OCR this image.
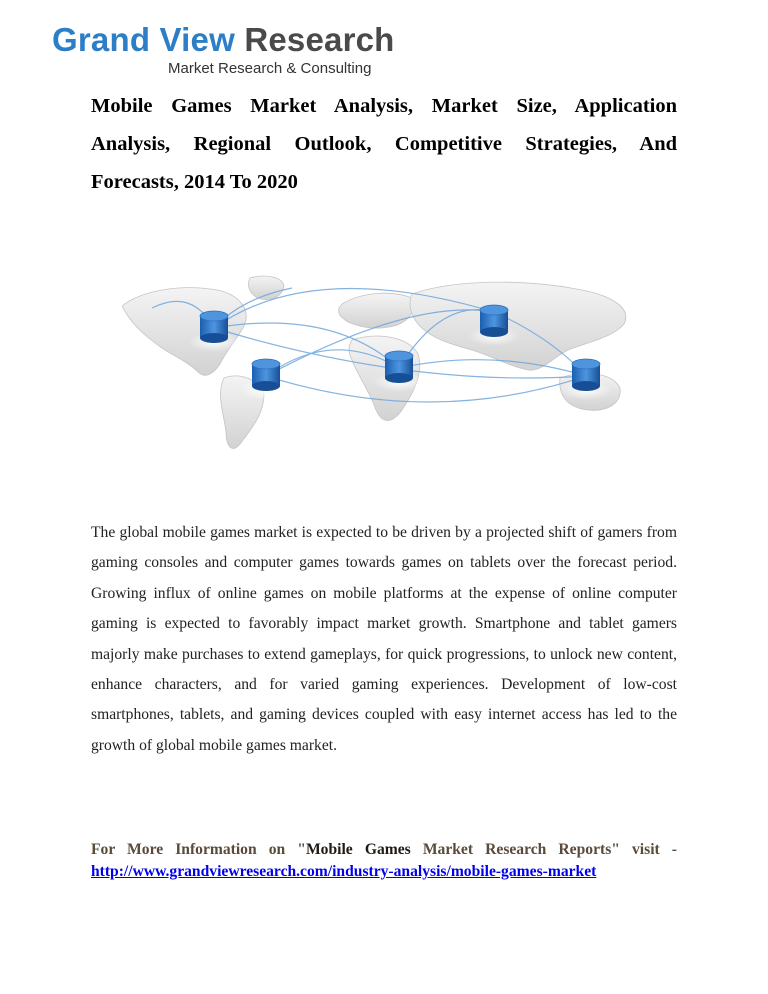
Grand View Research
Market Research & Consulting
Mobile Games Market Analysis, Market Size, Application Analysis, Regional Outlook, Competitive Strategies, And Forecasts, 2014 To 2020

The global mobile games market is expected to be driven by a projected shift of gamers from gaming consoles and computer games towards games on tablets over the forecast period. Growing influx of online games on mobile platforms at the expense of online computer gaming is expected to favorably impact market growth. Smartphone and tablet gamers majorly make purchases to extend gameplays, for quick progressions, to unlock new content, enhance characters, and for varied gaming experiences. Development of low-cost smartphones, tablets, and gaming devices coupled with easy internet access has led to the growth of global mobile games market.

For More Information on "Mobile Games Market Research Reports" visit -

http://www.grandviewresearch.com/industry-analysis/mobile-games-market
